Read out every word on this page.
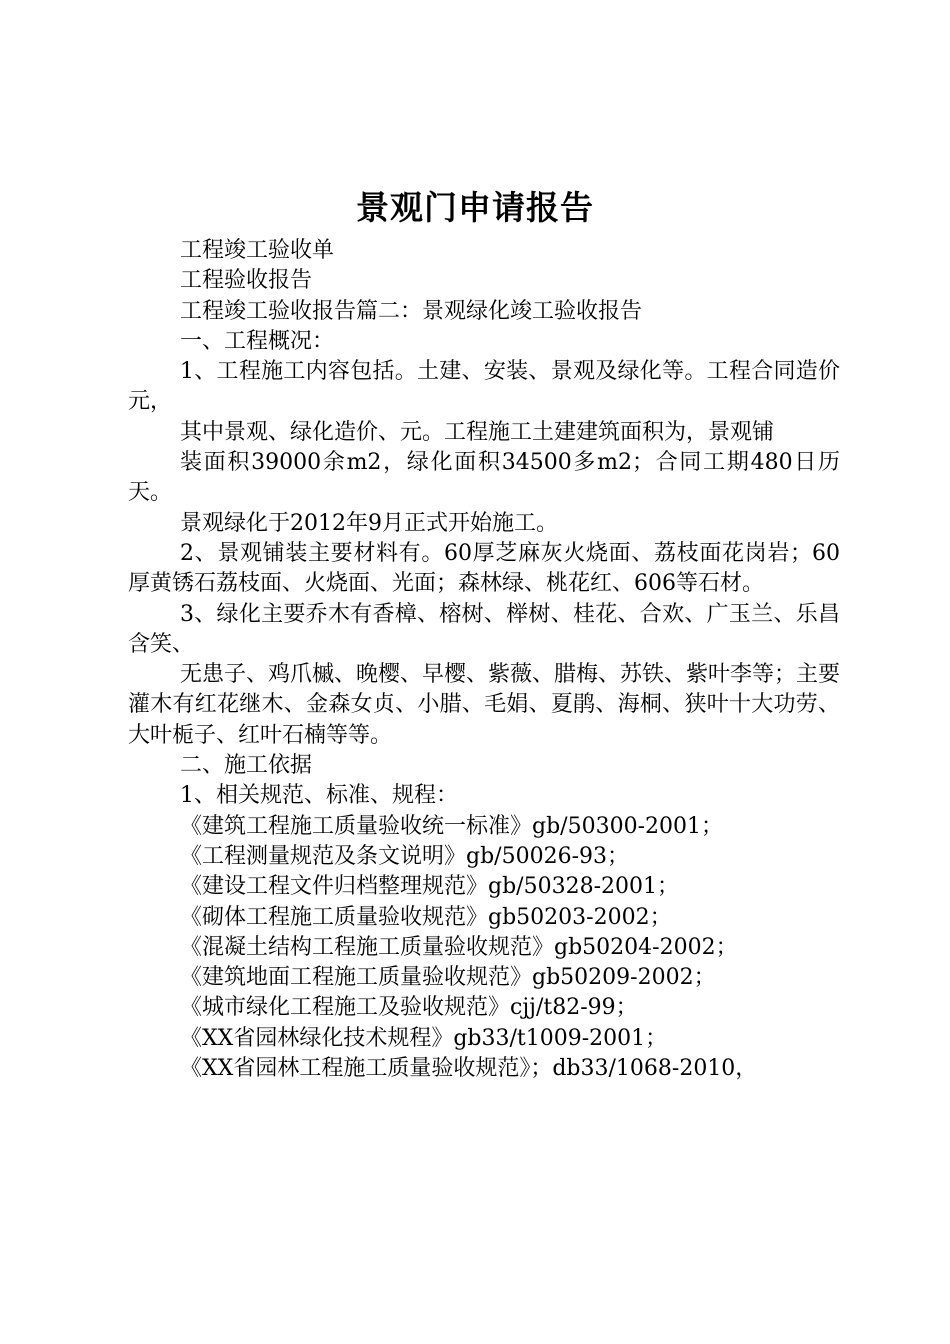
景观门申请报告

工程竣工验收单

工程验收报告

工程竣工验收报告篇二：景观绿化竣工验收报告

一、工程概况：

1、工程施工内容包括。土建、安装、景观及绿化等。工程合同造价元，

其中景观、绿化造价、元。工程施工土建建筑面积为，景观铺

装面积39000余m2，绿化面积34500多m2；合同工期480日历天。

景观绿化于2012年9月正式开始施工。

2、景观铺装主要材料有。60厚芝麻灰火烧面、荔枝面花岗岩；60厚黄锈石荔枝面、火烧面、光面；森林绿、桃花红、606等石材。

3、绿化主要乔木有香樟、榕树、榉树、桂花、合欢、广玉兰、乐昌含笑、

无患子、鸡爪槭、晚樱、早樱、紫薇、腊梅、苏铁、紫叶李等；主要灌木有红花继木、金森女贞、小腊、毛娟、夏鹃、海桐、狭叶十大功劳、大叶栀子、红叶石楠等等。

二、施工依据

1、相关规范、标准、规程：

《建筑工程施工质量验收统一标准》gb/50300-2001；

《工程测量规范及条文说明》gb/50026-93；

《建设工程文件归档整理规范》gb/50328-2001；

《砌体工程施工质量验收规范》gb50203-2002；

《混凝土结构工程施工质量验收规范》gb50204-2002；

《建筑地面工程施工质量验收规范》gb50209-2002；

《城市绿化工程施工及验收规范》cjj/t82-99；

《XX省园林绿化技术规程》gb33/t1009-2001；

《XX省园林工程施工质量验收规范》；db33/1068-2010，
